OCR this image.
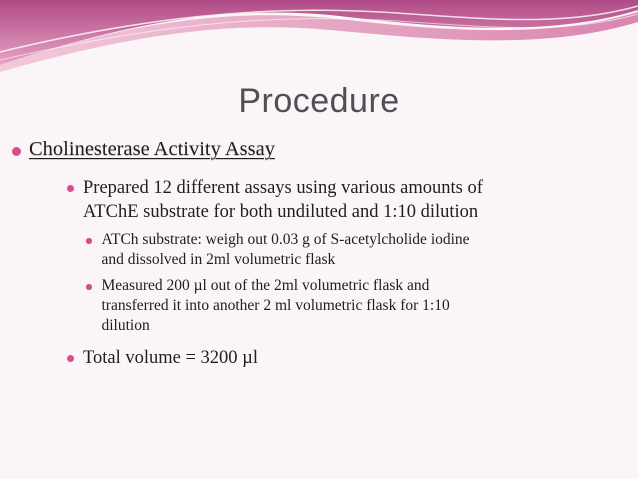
Procedure
Cholinesterase Activity Assay
Prepared 12 different assays using various amounts of
ATChE substrate for both undiluted and 1:10 dilution
ATCh substrate: weigh out 0.03 g of S-acetylcholide iodine
and dissolved in 2ml volumetric flask
Measured 200 µl out of the 2ml volumetric flask and
transferred it into another 2 ml volumetric flask for 1:10
dilution
Total volume = 3200 µl
